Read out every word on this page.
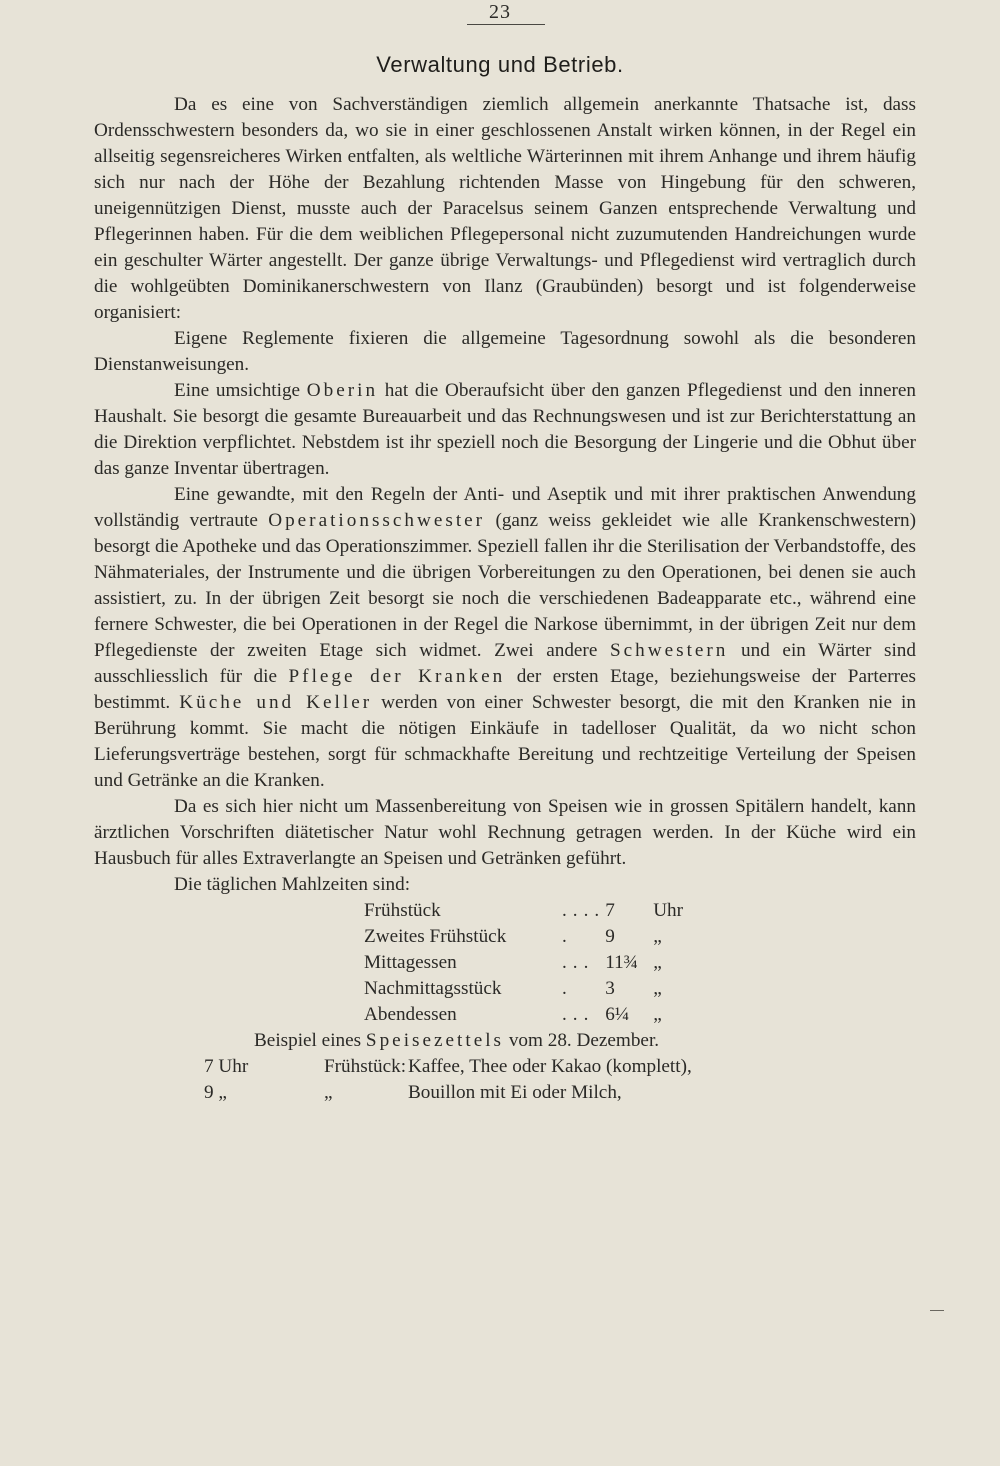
23
Verwaltung und Betrieb.

Da es eine von Sachverständigen ziemlich allgemein anerkannte Thatsache ist, dass Ordensschwestern besonders da, wo sie in einer geschlossenen Anstalt wirken können, in der Regel ein allseitig segensreicheres Wirken entfalten, als weltliche Wärterinnen mit ihrem Anhange und ihrem häufig sich nur nach der Höhe der Bezahlung richtenden Masse von Hingebung für den schweren, uneigennützigen Dienst, musste auch der Paracelsus seinem Ganzen entsprechende Verwaltung und Pflegerinnen haben. Für die dem weiblichen Pflegepersonal nicht zuzumutenden Handreichungen wurde ein geschulter Wärter angestellt. Der ganze übrige Verwaltungs- und Pflegedienst wird vertraglich durch die wohlgeübten Dominikanerschwestern von Ilanz (Graubünden) besorgt und ist folgenderweise organisiert:

Eigene Reglemente fixieren die allgemeine Tagesordnung sowohl als die besonderen Dienstanweisungen.

Eine umsichtige Oberin hat die Oberaufsicht über den ganzen Pflegedienst und den inneren Haushalt. Sie besorgt die gesamte Bureauarbeit und das Rechnungswesen und ist zur Berichterstattung an die Direktion verpflichtet. Nebstdem ist ihr speziell noch die Besorgung der Lingerie und die Obhut über das ganze Inventar übertragen.

Eine gewandte, mit den Regeln der Anti- und Aseptik und mit ihrer praktischen Anwendung vollständig vertraute Operationsschwester (ganz weiss gekleidet wie alle Krankenschwestern) besorgt die Apotheke und das Operationszimmer. Speziell fallen ihr die Sterilisation der Verbandstoffe, des Nähmateriales, der Instrumente und die übrigen Vorbereitungen zu den Operationen, bei denen sie auch assistiert, zu. In der übrigen Zeit besorgt sie noch die verschiedenen Badeapparate etc., während eine fernere Schwester, die bei Operationen in der Regel die Narkose übernimmt, in der übrigen Zeit nur dem Pflegedienste der zweiten Etage sich widmet. Zwei andere Schwestern und ein Wärter sind ausschliesslich für die Pflege der Kranken der ersten Etage, beziehungsweise der Parterres bestimmt. Küche und Keller werden von einer Schwester besorgt, die mit den Kranken nie in Berührung kommt. Sie macht die nötigen Einkäufe in tadelloser Qualität, da wo nicht schon Lieferungsverträge bestehen, sorgt für schmackhafte Bereitung und rechtzeitige Verteilung der Speisen und Getränke an die Kranken.

Da es sich hier nicht um Massenbereitung von Speisen wie in grossen Spitälern handelt, kann ärztlichen Vorschriften diätetischer Natur wohl Rechnung getragen werden. In der Küche wird ein Hausbuch für alles Extraverlangte an Speisen und Getränken geführt.

Die täglichen Mahlzeiten sind:

Frühstück	....	7	Uhr
Zweites Frühstück	.	9	„
Mittagessen	...	11¾	„
Nachmittagsstück	.	3	„
Abendessen	...	6¼	„

Beispiel eines Speisezettels vom 28. Dezember.

7 Uhr	Frühstück: Kaffee, Thee oder Kakao (komplett),
9 „	„	Bouillon mit Ei oder Milch,
